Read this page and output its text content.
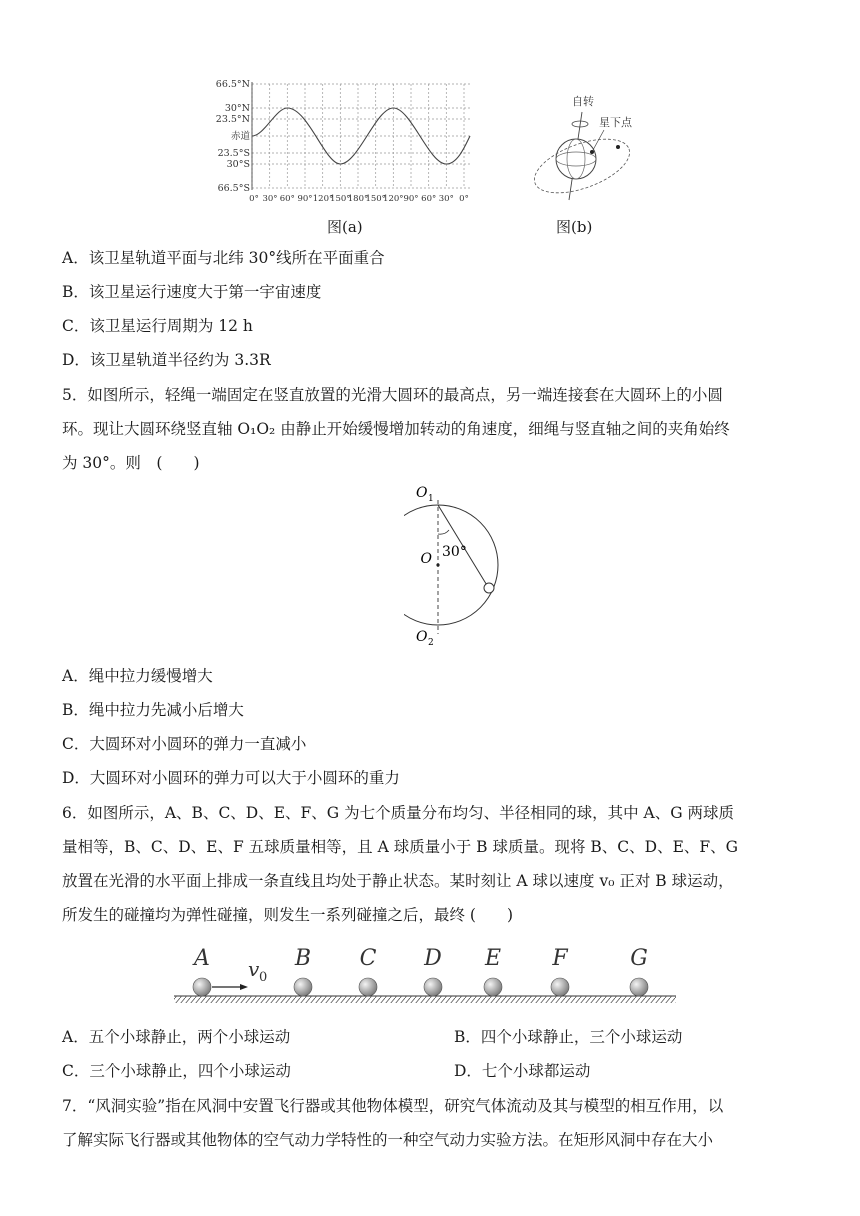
66.5°N
30°N
23.5°N
赤道
23.5°S
30°S
66.5°S
0° 30° 60° 90° 120°
150°
180°
150°
120° 90° 60° 30° 0°
图(a)
自转
星下点
图(b)
A．该卫星轨道平面与北纬 30°线所在平面重合
B．该卫星运行速度大于第一宇宙速度
C．该卫星运行周期为 12 h
D．该卫星轨道半径约为 3.3R
5．如图所示，轻绳一端固定在竖直放置的光滑大圆环的最高点，另一端连接套在大圆环上的小圆
环。现让大圆环绕竖直轴 O₁O₂ 由静止开始缓慢增加转动的角速度，细绳与竖直轴之间的夹角始终
为 30°。则　(　　)
O
O 1
O 2
30°
A．绳中拉力缓慢增大
B．绳中拉力先减小后增大
C．大圆环对小圆环的弹力一直减小
D．大圆环对小圆环的弹力可以大于小圆环的重力
6．如图所示，A、B、C、D、E、F、G 为七个质量分布均匀、半径相同的球，其中 A、G 两球质
量相等，B、C、D、E、F 五球质量相等，且 A 球质量小于 B 球质量。现将 B、C、D、E、F、G
放置在光滑的水平面上排成一条直线且均处于静止状态。某时刻让 A 球以速度 v₀ 正对 B 球运动，
所发生的碰撞均为弹性碰撞，则发生一系列碰撞之后，最终 (　　)
A	B C D E F	G
v 0
A．五个小球静止，两个小球运动	B．四个小球静止，三个小球运动
C．三个小球静止，四个小球运动	D．七个小球都运动
7．“风洞实验”指在风洞中安置飞行器或其他物体模型，研究气体流动及其与模型的相互作用，以
了解实际飞行器或其他物体的空气动力学特性的一种空气动力实验方法。在矩形风洞中存在大小
